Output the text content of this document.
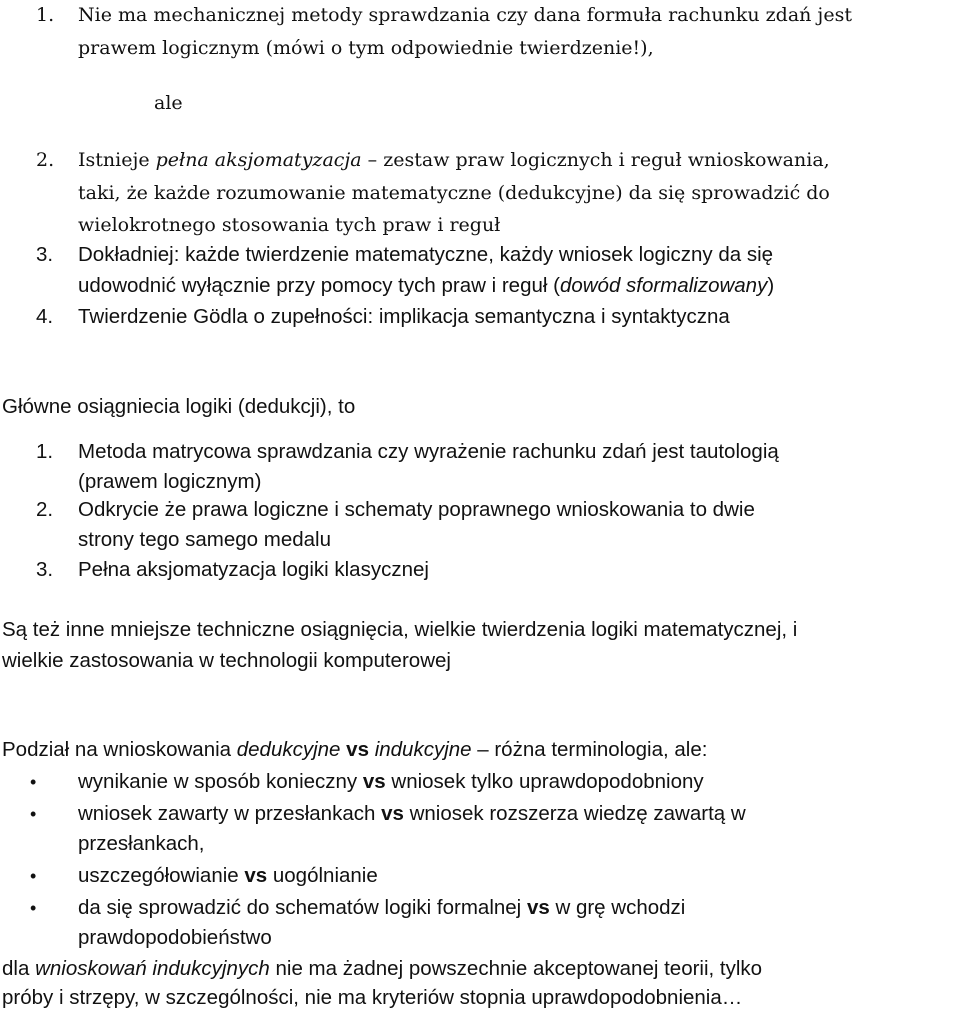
1. Nie ma mechanicznej metody sprawdzania czy dana formuła rachunku zdań jest
prawem logicznym (mówi o tym odpowiednie twierdzenie!),
ale
2. Istnieje pełna aksjomatyzacja – zestaw praw logicznych i reguł wnioskowania,
taki, że każde rozumowanie matematyczne (dedukcyjne) da się sprowadzić do
wielokrotnego stosowania tych praw i reguł
3. Dokładniej: każde twierdzenie matematyczne, każdy wniosek logiczny da się
udowodnić wyłącznie przy pomocy tych praw i reguł (dowód sformalizowany)
4. Twierdzenie Gödla o zupełności: implikacja semantyczna i syntaktyczna
Główne osiągniecia logiki (dedukcji), to
1. Metoda matrycowa sprawdzania czy wyrażenie rachunku zdań jest tautologią
(prawem logicznym)
2. Odkrycie że prawa logiczne i schematy poprawnego wnioskowania to dwie
strony tego samego medalu
3. Pełna aksjomatyzacja logiki klasycznej
Są też inne mniejsze techniczne osiągnięcia, wielkie twierdzenia logiki matematycznej, i
wielkie zastosowania w technologii komputerowej
Podział na wnioskowania dedukcyjne vs indukcyjne – różna terminologia, ale:
• wynikanie w sposób konieczny vs wniosek tylko uprawdopodobniony
• wniosek zawarty w przesłankach vs wniosek rozszerza wiedzę zawartą w
przesłankach,
• uszczegółowianie vs uogólnianie
• da się sprowadzić do schematów logiki formalnej vs w grę wchodzi
prawdopodobieństwo
dla wnioskowań indukcyjnych nie ma żadnej powszechnie akceptowanej teorii, tylko
próby i strzępy, w szczególności, nie ma kryteriów stopnia uprawdopodobnienia…
